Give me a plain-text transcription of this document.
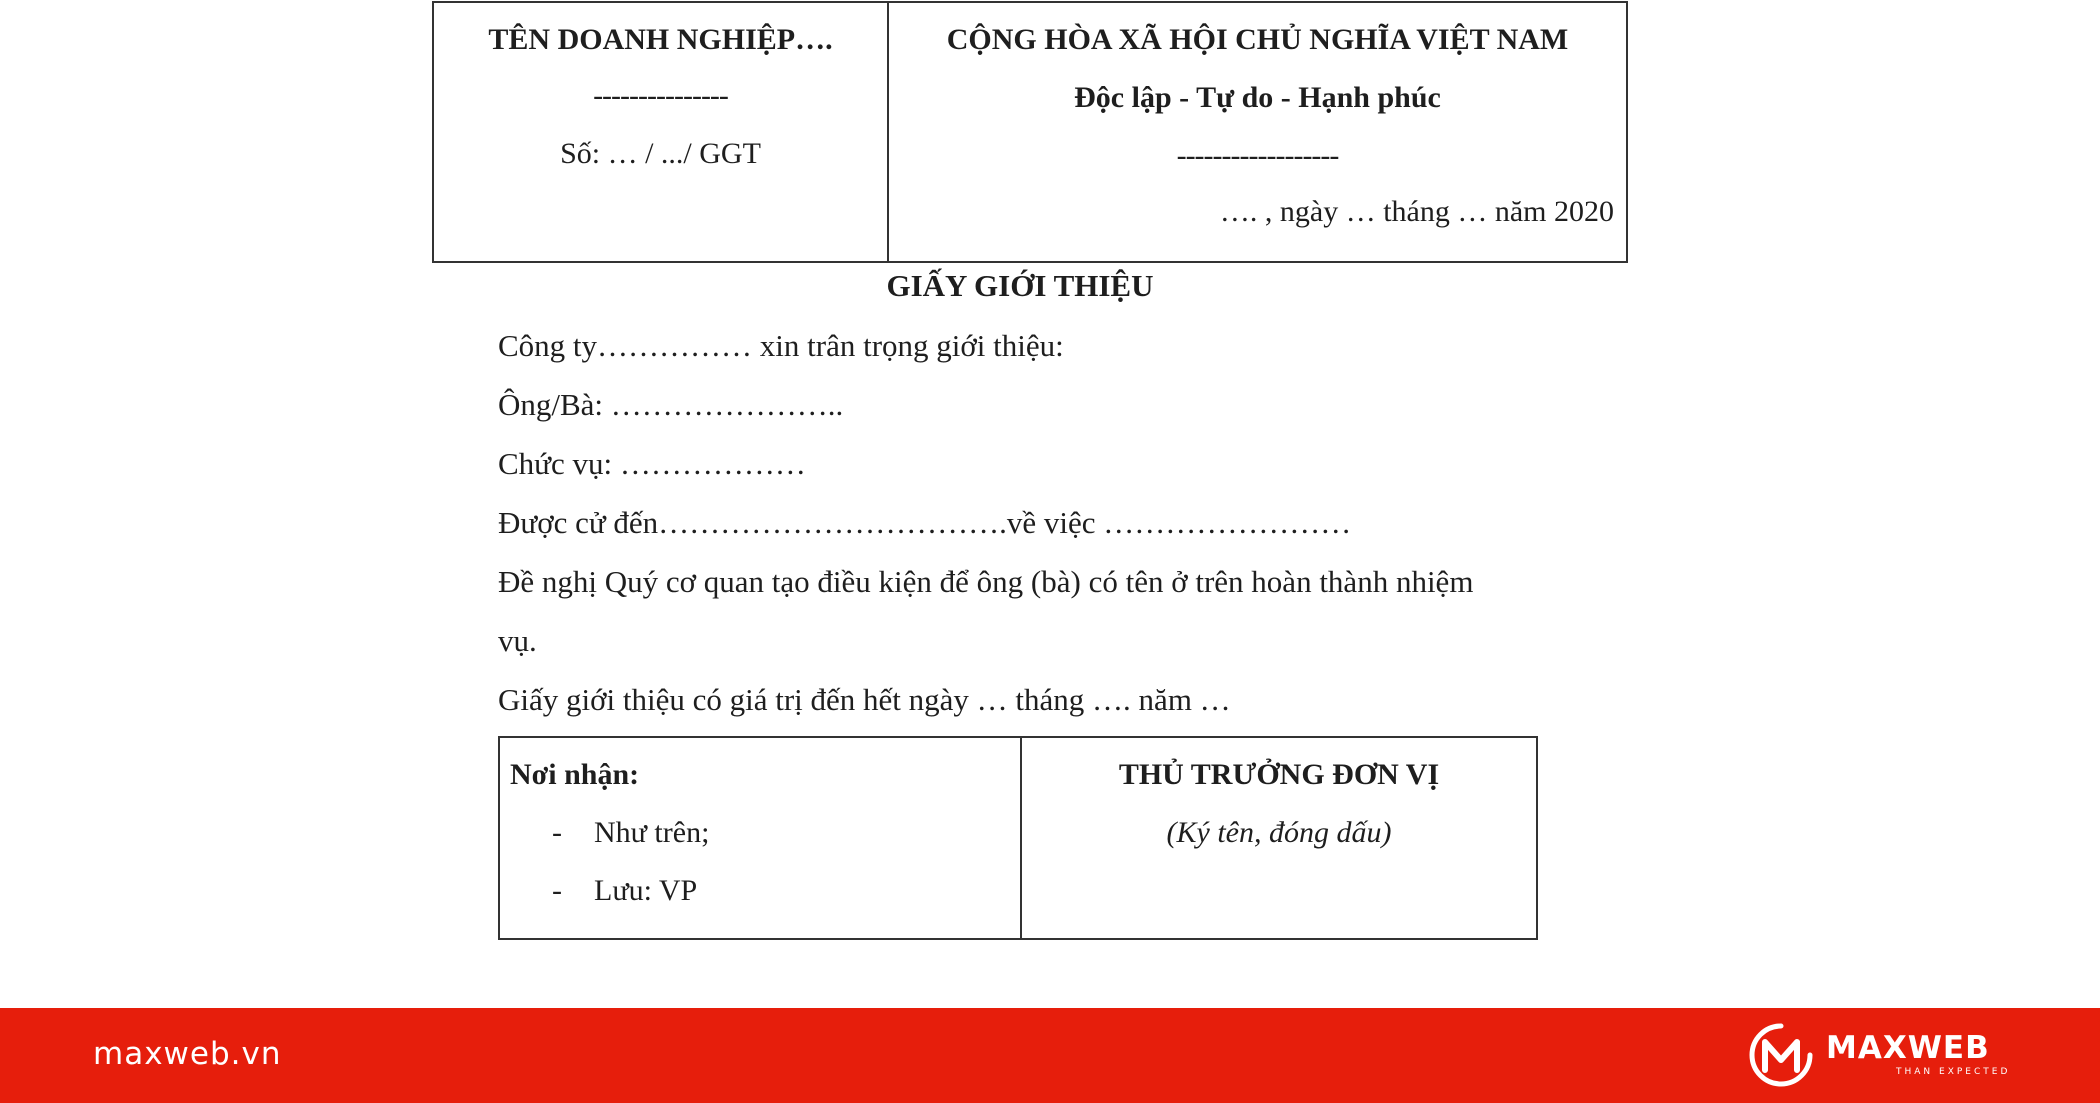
TÊN DOANH NGHIỆP….
---------------
Số: … / .../ GGT
CỘNG HÒA XÃ HỘI CHỦ NGHĨA VIỆT NAM
Độc lập - Tự do - Hạnh phúc
------------------
…. , ngày … tháng … năm 2020
GIẤY GIỚI THIỆU
Công ty…………… xin trân trọng giới thiệu:
Ông/Bà: …………………..
Chức vụ: ………………
Được cử đến…………………………….về việc ……………………
Đề nghị Quý cơ quan tạo điều kiện để ông (bà) có tên ở trên hoàn thành nhiệm
vụ.
Giấy giới thiệu có giá trị đến hết ngày … tháng …. năm …
Nơi nhận:
- Như trên;
- Lưu: VP
THỦ TRƯỞNG ĐƠN VỊ
(Ký tên, đóng dấu)
maxweb.vn	MAXWEB
THAN EXPECTED
